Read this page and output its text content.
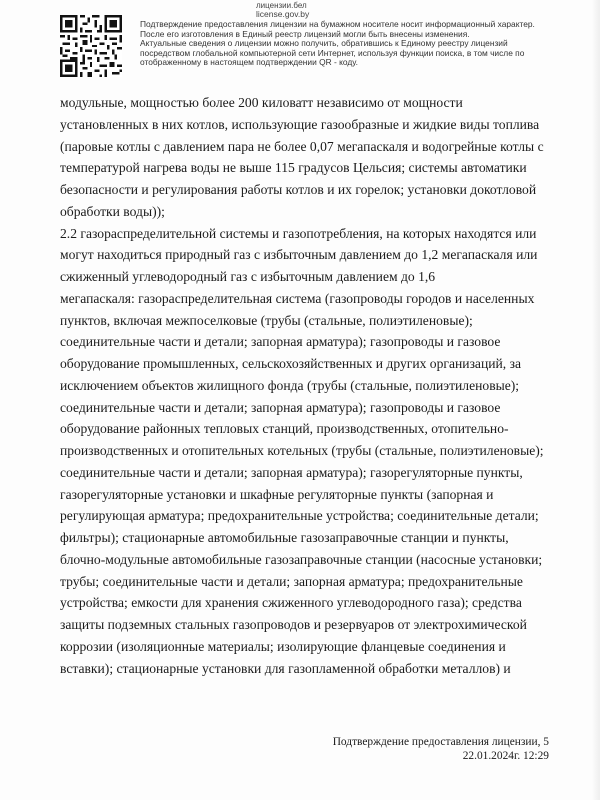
лицензии.бел
license.gov.by
Подтверждение предоставления лицензии на бумажном носителе носит информационный характер.
После его изготовления в Единый реестр лицензий могли быть внесены изменения.
Актуальные сведения о лицензии можно получить, обратившись к Единому реестру лицензий
посредством глобальной компьютерной сети Интернет, используя функции поиска, в том числе по
отображенному в настоящем подтверждении QR - коду.
модульные, мощностью более 200 киловатт независимо от мощности
установленных в них котлов, использующие газообразные и жидкие виды топлива
(паровые котлы с давлением пара не более 0,07 мегапаскаля и водогрейные котлы с
температурой нагрева воды не выше 115 градусов Цельсия; системы автоматики
безопасности и регулирования работы котлов и их горелок; установки докотловой
обработки воды));
2.2 газораспределительной системы и газопотребления, на которых находятся или
могут находиться природный газ с избыточным давлением до 1,2 мегапаскаля или
сжиженный углеводородный газ с избыточным давлением до 1,6
мегапаскаля: газораспределительная система (газопроводы городов и населенных
пунктов, включая межпоселковые (трубы (стальные, полиэтиленовые);
соединительные части и детали; запорная арматура); газопроводы и газовое
оборудование промышленных, сельскохозяйственных и других организаций, за
исключением объектов жилищного фонда (трубы (стальные, полиэтиленовые);
соединительные части и детали; запорная арматура); газопроводы и газовое
оборудование районных тепловых станций, производственных, отопительно-
производственных и отопительных котельных (трубы (стальные, полиэтиленовые);
соединительные части и детали; запорная арматура); газорегуляторные пункты,
газорегуляторные установки и шкафные регуляторные пункты (запорная и
регулирующая арматура; предохранительные устройства; соединительные детали;
фильтры); стационарные автомобильные газозаправочные станции и пункты,
блочно-модульные автомобильные газозаправочные станции (насосные установки;
трубы; соединительные части и детали; запорная арматура; предохранительные
устройства; емкости для хранения сжиженного углеводородного газа); средства
защиты подземных стальных газопроводов и резервуаров от электрохимической
коррозии (изоляционные материалы; изолирующие фланцевые соединения и
вставки); стационарные установки для газопламенной обработки металлов) и
Подтверждение предоставления лицензии, 5
22.01.2024г. 12:29
